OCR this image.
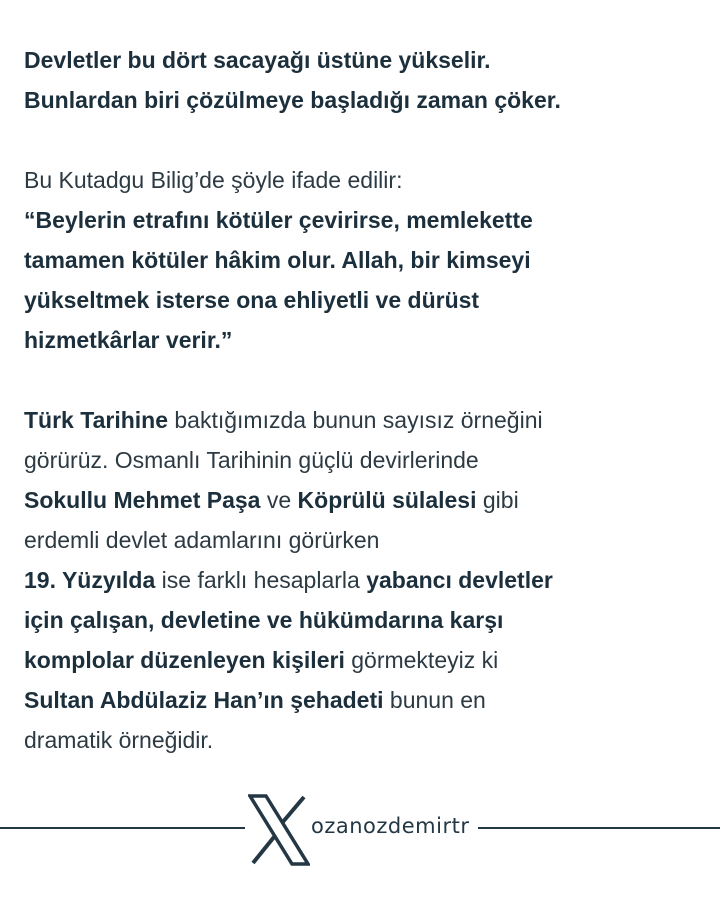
Devletler bu dört sacayağı üstüne yükselir.
Bunlardan biri çözülmeye başladığı zaman çöker.

Bu Kutadgu Bilig’de şöyle ifade edilir:
“Beylerin etrafını kötüler çevirirse, memlekette
tamamen kötüler hâkim olur. Allah, bir kimseyi
yükseltmek isterse ona ehliyetli ve dürüst
hizmetkârlar verir.”

Türk Tarihine baktığımızda bunun sayısız örneğini
görürüz. Osmanlı Tarihinin güçlü devirlerinde
Sokullu Mehmet Paşa ve Köprülü sülalesi gibi
erdemli devlet adamlarını görürken
19. Yüzyılda ise farklı hesaplarla yabancı devletler
için çalışan, devletine ve hükümdarına karşı
komplolar düzenleyen kişileri görmekteyiz ki
Sultan Abdülaziz Han’ın şehadeti bunun en
dramatik örneğidir.

ozanozdemirtr
